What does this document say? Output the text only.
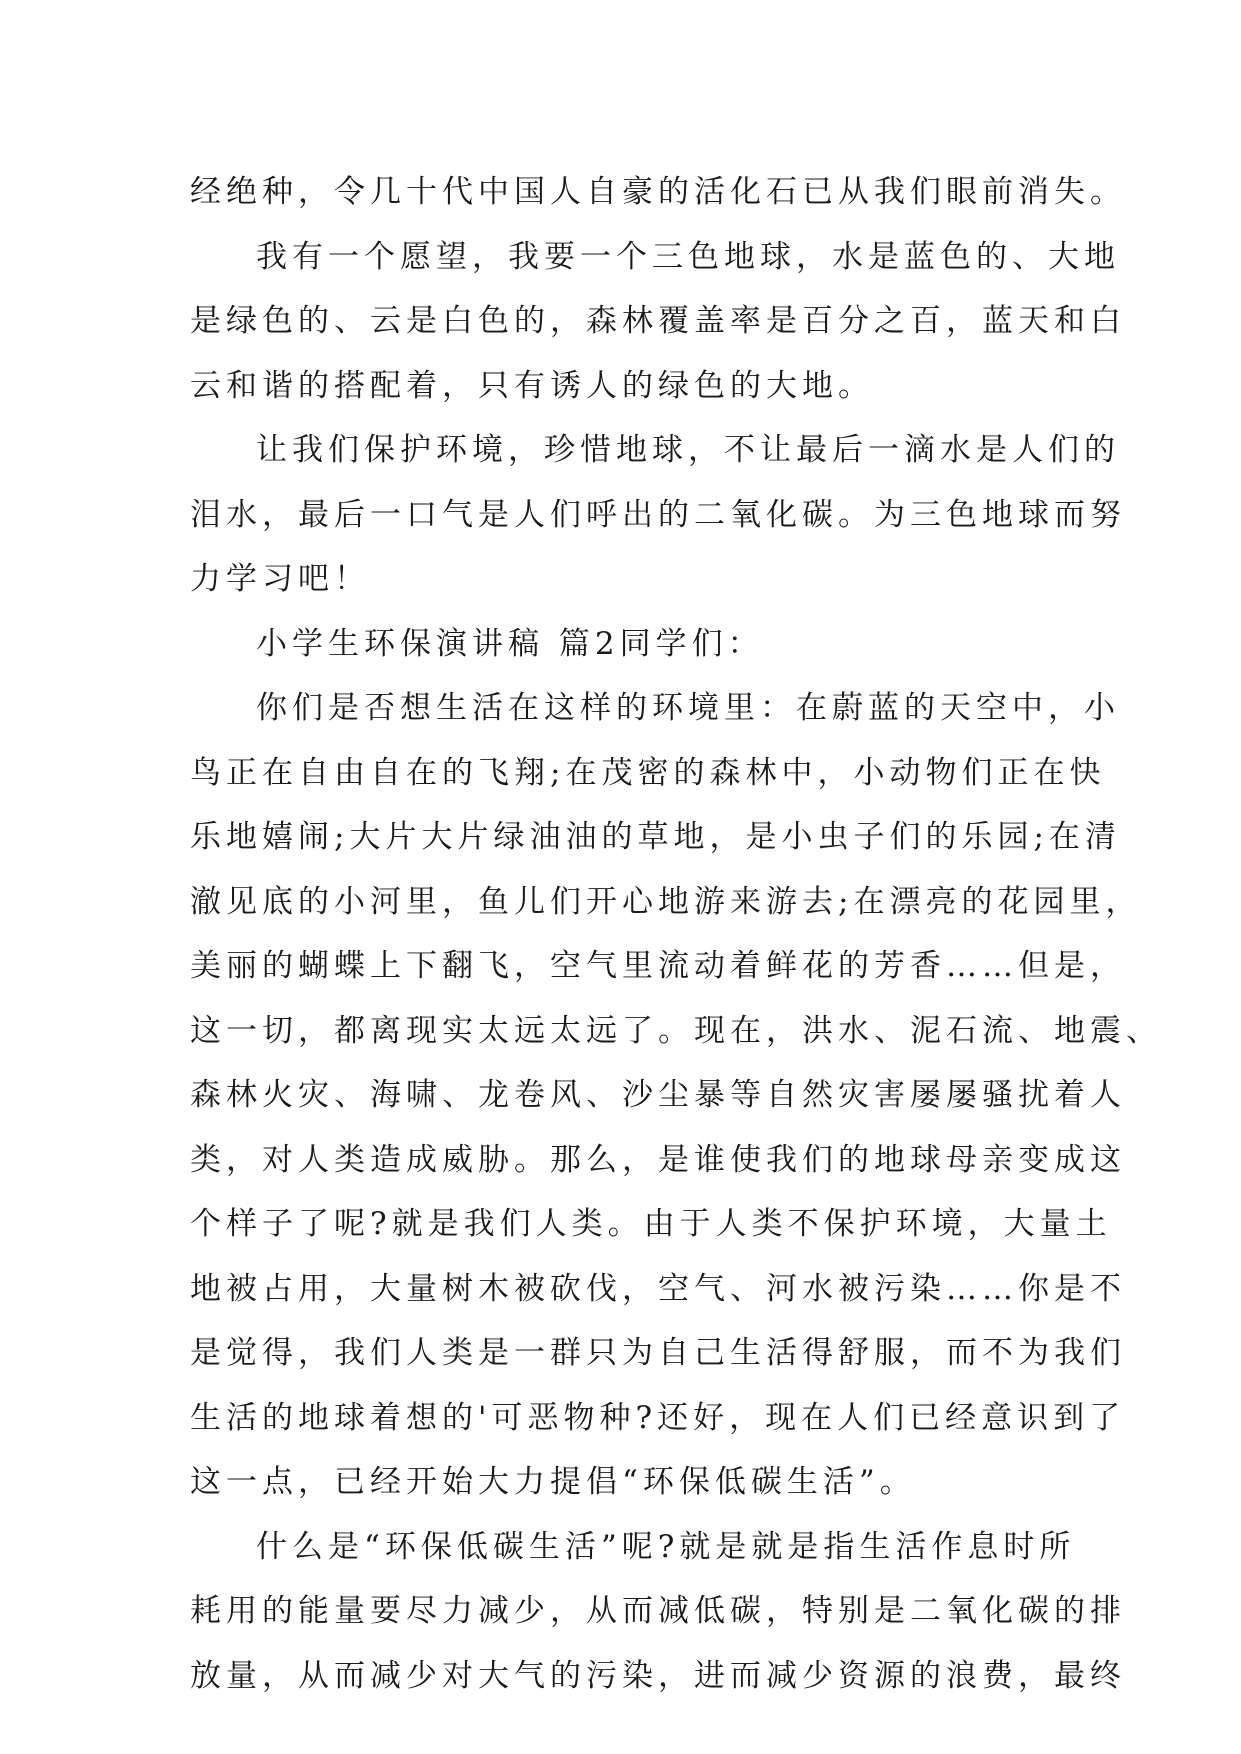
经绝种，令几十代中国人自豪的活化石已从我们眼前消失。
我有一个愿望，我要一个三色地球，水是蓝色的、大地
是绿色的、云是白色的，森林覆盖率是百分之百，蓝天和白
云和谐的搭配着，只有诱人的绿色的大地。
让我们保护环境，珍惜地球，不让最后一滴水是人们的
泪水，最后一口气是人们呼出的二氧化碳。为三色地球而努
力学习吧！
小学生环保演讲稿 篇2同学们：
你们是否想生活在这样的环境里：在蔚蓝的天空中，小
鸟正在自由自在的飞翔;在茂密的森林中，小动物们正在快
乐地嬉闹;大片大片绿油油的草地，是小虫子们的乐园;在清
澈见底的小河里，鱼儿们开心地游来游去;在漂亮的花园里，
美丽的蝴蝶上下翻飞，空气里流动着鲜花的芳香……但是，
这一切，都离现实太远太远了。现在，洪水、泥石流、地震、
森林火灾、海啸、龙卷风、沙尘暴等自然灾害屡屡骚扰着人
类，对人类造成威胁。那么，是谁使我们的地球母亲变成这
个样子了呢?就是我们人类。由于人类不保护环境，大量土
地被占用，大量树木被砍伐，空气、河水被污染……你是不
是觉得，我们人类是一群只为自己生活得舒服，而不为我们
生活的地球着想的'可恶物种?还好，现在人们已经意识到了
这一点，已经开始大力提倡“环保低碳生活”。
什么是“环保低碳生活”呢?就是就是指生活作息时所
耗用的能量要尽力减少，从而减低碳，特别是二氧化碳的排
放量，从而减少对大气的污染，进而减少资源的浪费，最终
